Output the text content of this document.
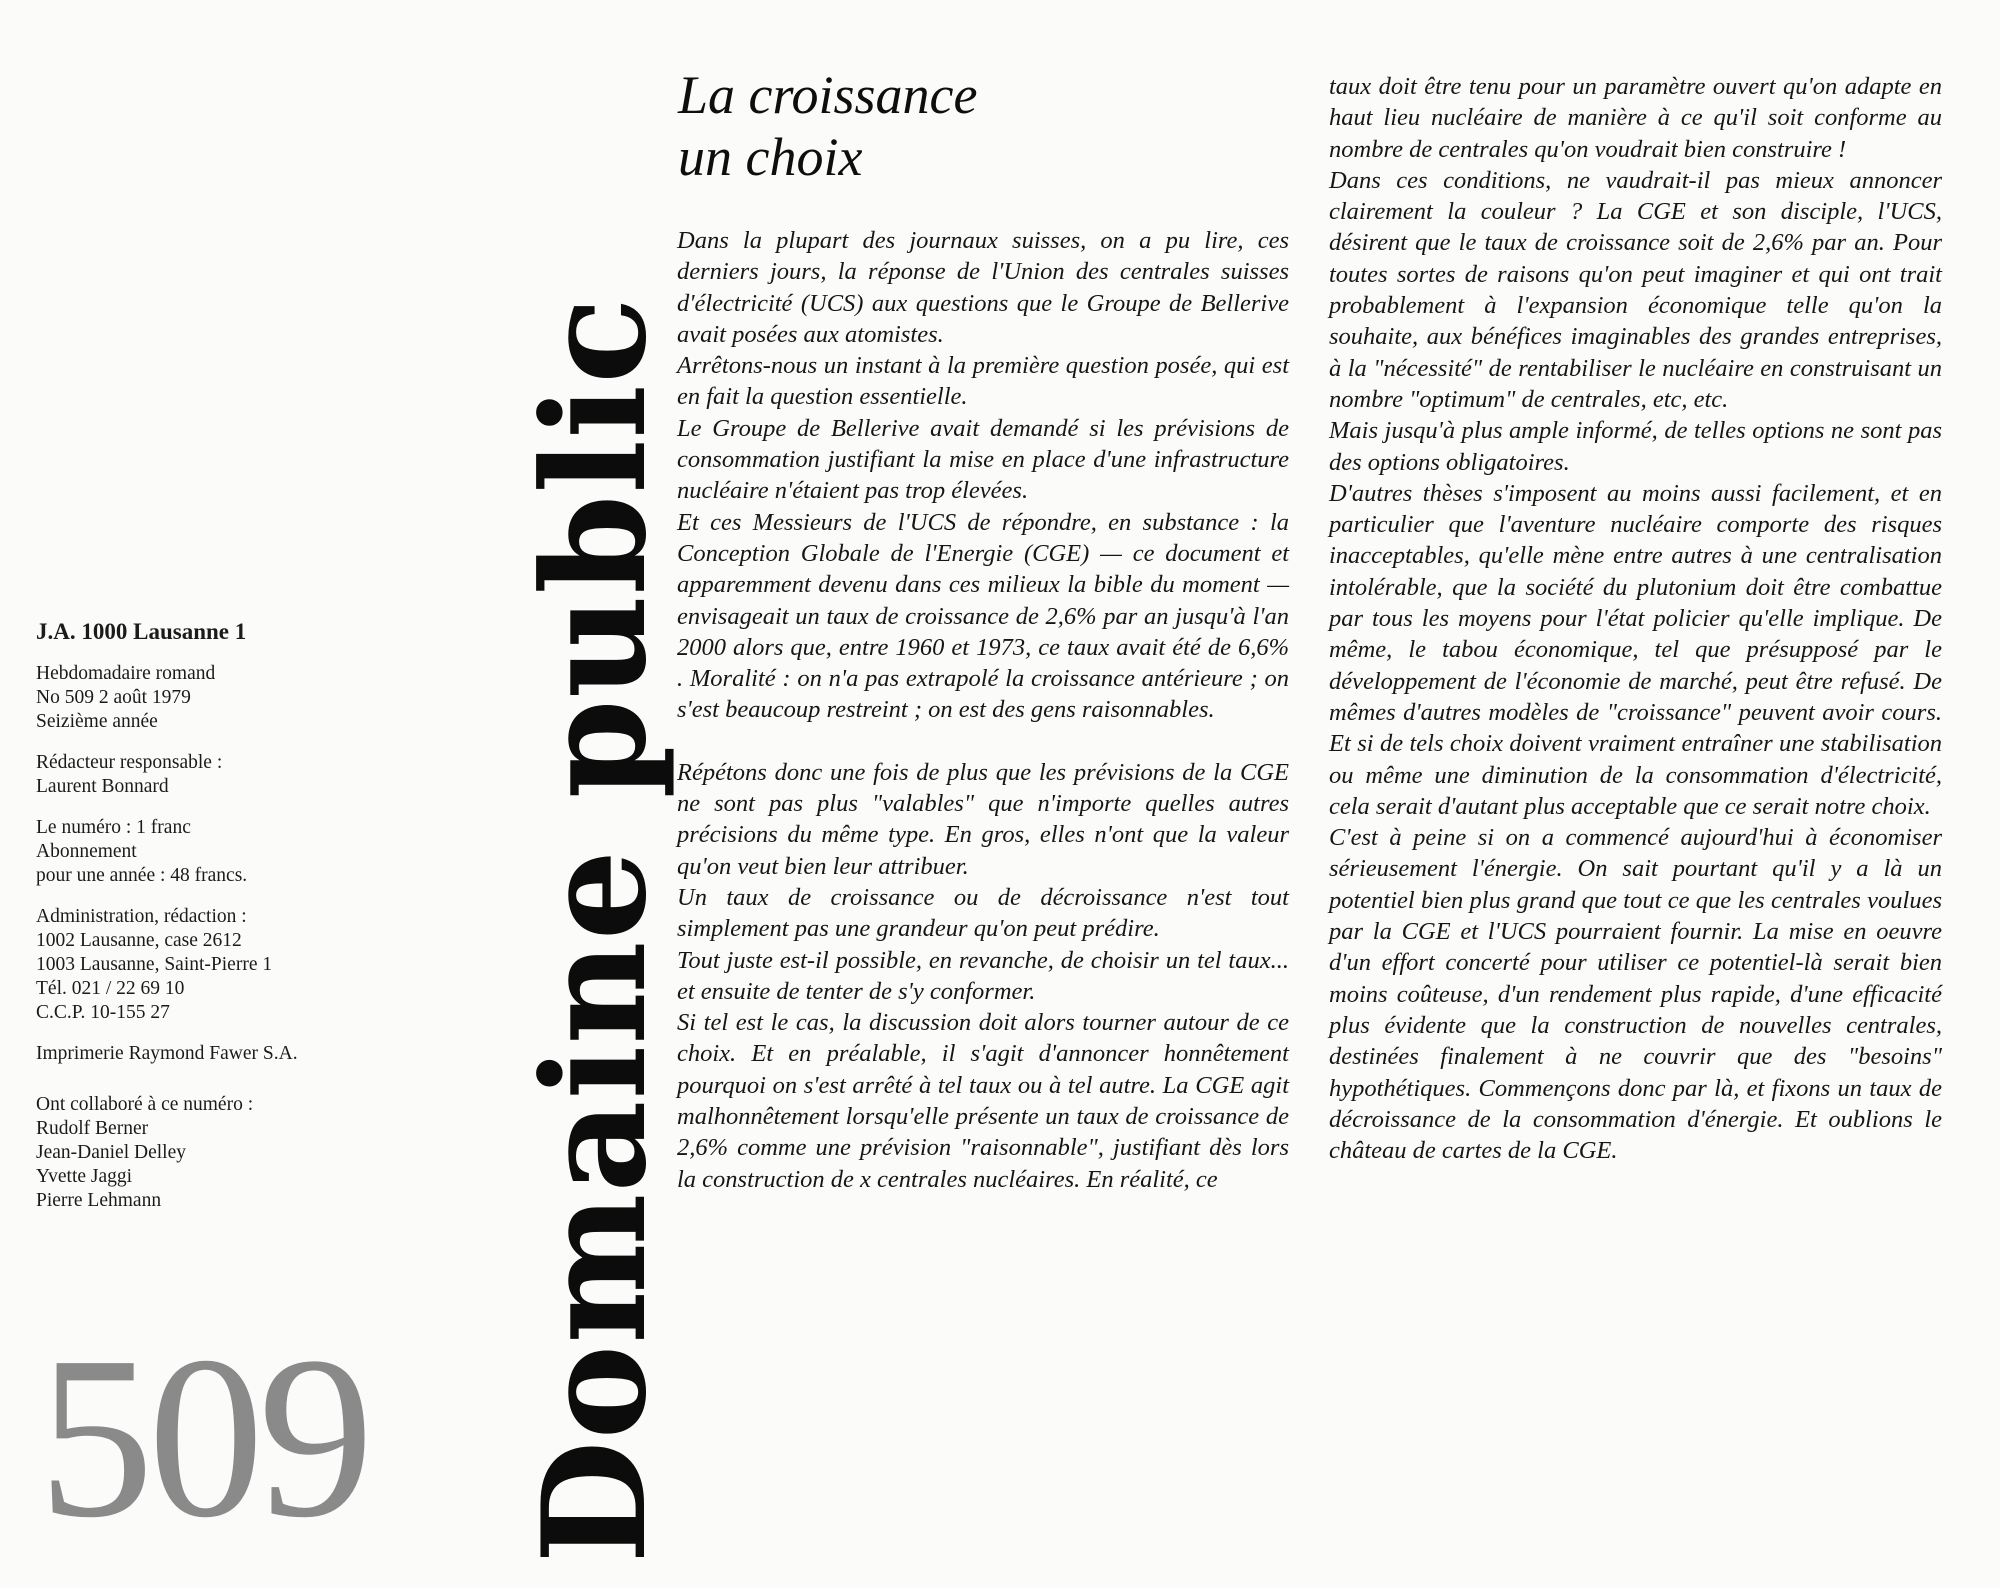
J.A. 1000 Lausanne 1
Hebdomadaire romand
No 509 2 août 1979
Seizième année
Rédacteur responsable :
Laurent Bonnard
Le numéro : 1 franc
Abonnement
pour une année : 48 francs.
Administration, rédaction :
1002 Lausanne, case 2612
1003 Lausanne, Saint-Pierre 1
Tél. 021 / 22 69 10
C.C.P. 10-155 27
Imprimerie Raymond Fawer S.A.
Ont collaboré à ce numéro :
Rudolf Berner
Jean-Daniel Delley
Yvette Jaggi
Pierre Lehmann
509 Domaine public
La croissance
un choix

Dans la plupart des journaux suisses, on a pu lire, ces derniers jours, la réponse de l'Union des centrales suisses d'électricité (UCS) aux questions que le Groupe de Bellerive avait posées aux atomistes.

Arrêtons-nous un instant à la première question posée, qui est en fait la question essentielle.

Le Groupe de Bellerive avait demandé si les prévisions de consommation justifiant la mise en place d'une infrastructure nucléaire n'étaient pas trop élevées.

Et ces Messieurs de l'UCS de répondre, en substance : la Conception Globale de l'Energie (CGE) — ce document et apparemment devenu dans ces milieux la bible du moment — envisageait un taux de croissance de 2,6% par an jusqu'à l'an 2000 alors que, entre 1960 et 1973, ce taux avait été de 6,6% . Moralité : on n'a pas extrapolé la croissance antérieure ; on s'est beaucoup restreint ; on est des gens raisonnables.

Répétons donc une fois de plus que les prévisions de la CGE ne sont pas plus "valables" que n'importe quelles autres précisions du même type. En gros, elles n'ont que la valeur qu'on veut bien leur attribuer.

Un taux de croissance ou de décroissance n'est tout simplement pas une grandeur qu'on peut prédire.

Tout juste est-il possible, en revanche, de choisir un tel taux... et ensuite de tenter de s'y conformer.

Si tel est le cas, la discussion doit alors tourner autour de ce choix. Et en préalable, il s'agit d'annoncer honnêtement pourquoi on s'est arrêté à tel taux ou à tel autre. La CGE agit malhonnêtement lorsqu'elle présente un taux de croissance de 2,6% comme une prévision "raisonnable", justifiant dès lors la construction de x centrales nucléaires. En réalité, ce

taux doit être tenu pour un paramètre ouvert qu'on adapte en haut lieu nucléaire de manière à ce qu'il soit conforme au nombre de centrales qu'on voudrait bien construire !

Dans ces conditions, ne vaudrait-il pas mieux annoncer clairement la couleur ? La CGE et son disciple, l'UCS, désirent que le taux de croissance soit de 2,6% par an. Pour toutes sortes de raisons qu'on peut imaginer et qui ont trait probablement à l'expansion économique telle qu'on la souhaite, aux bénéfices imaginables des grandes entreprises, à la "nécessité" de rentabiliser le nucléaire en construisant un nombre "optimum" de centrales, etc, etc.

Mais jusqu'à plus ample informé, de telles options ne sont pas des options obligatoires.

D'autres thèses s'imposent au moins aussi facilement, et en particulier que l'aventure nucléaire comporte des risques inacceptables, qu'elle mène entre autres à une centralisation intolérable, que la société du plutonium doit être combattue par tous les moyens pour l'état policier qu'elle implique. De même, le tabou économique, tel que présupposé par le développement de l'économie de marché, peut être refusé. De mêmes d'autres modèles de "croissance" peuvent avoir cours. Et si de tels choix doivent vraiment entraîner une stabilisation ou même une diminution de la consommation d'électricité, cela serait d'autant plus acceptable que ce serait notre choix.

C'est à peine si on a commencé aujourd'hui à économiser sérieusement l'énergie. On sait pourtant qu'il y a là un potentiel bien plus grand que tout ce que les centrales voulues par la CGE et l'UCS pourraient fournir. La mise en oeuvre d'un effort concerté pour utiliser ce potentiel-là serait bien moins coûteuse, d'un rendement plus rapide, d'une efficacité plus évidente que la construction de nouvelles centrales, destinées finalement à ne couvrir que des "besoins" hypothétiques. Commençons donc par là, et fixons un taux de décroissance de la consommation d'énergie. Et oublions le château de cartes de la CGE.
